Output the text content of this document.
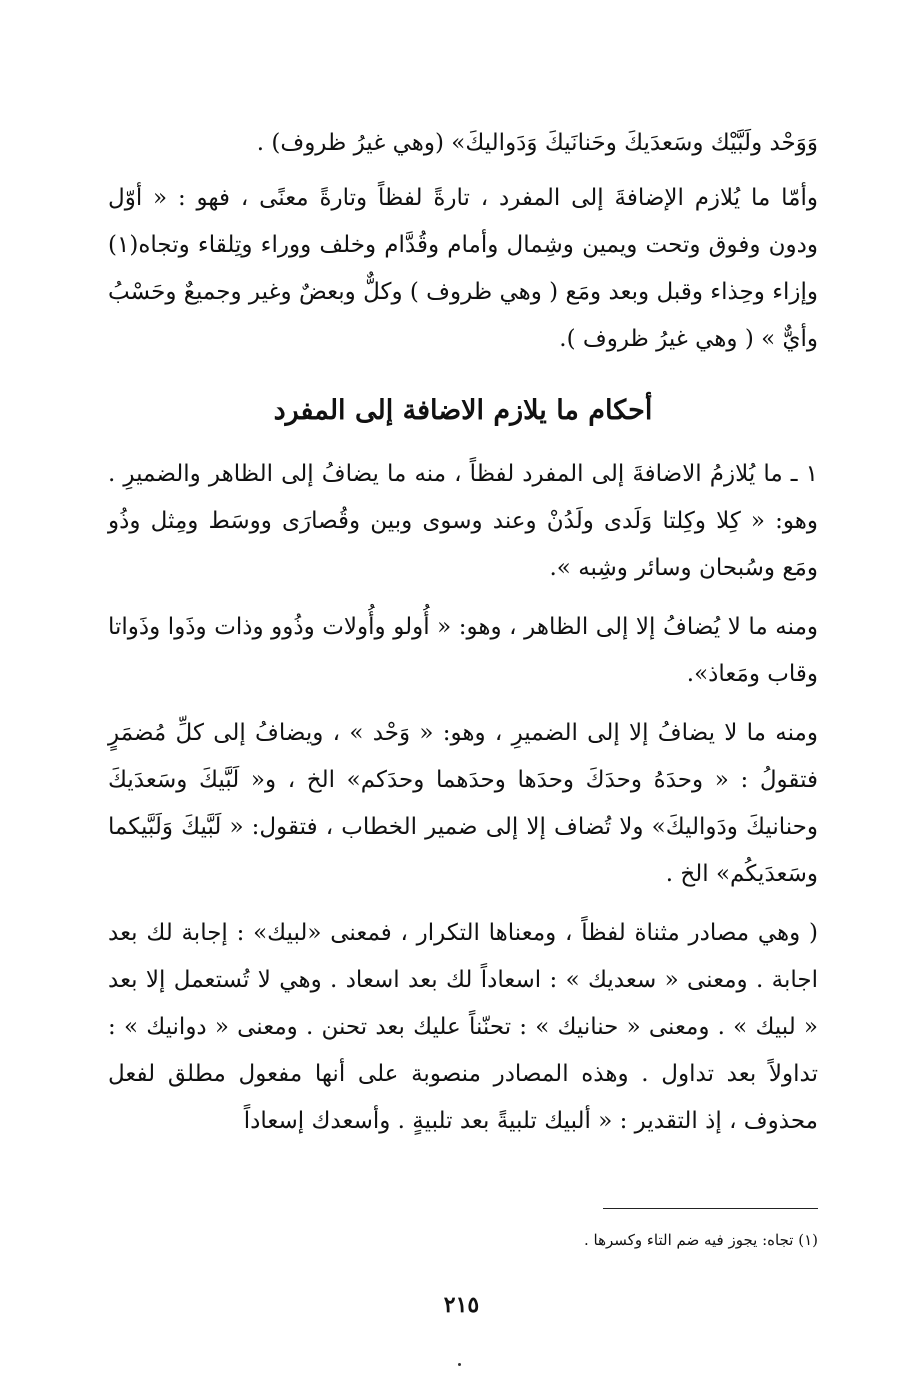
وَوَحْد ولَبَّيْك وسَعدَيكَ وحَنانَيكَ وَدَواليكَ» (وهي غيرُ ظروف) .

وأمّا ما يُلازم الإضافةَ إلى المفرد ، تارةً لفظاً وتارةً معنًى ، فهو : « أوّل ودون وفوق وتحت ويمين وشِمال وأمام وقُدَّام وخلف ووراء وتِلقاء وتجاه(١) وإزاء وحِذاء وقبل وبعد ومَع ( وهي ظروف ) وكلٌّ وبعضٌ وغير وجميعٌ وحَسْبُ وأيٌّ » ( وهي غيرُ ظروف ).

أحكام ما يلازم الاضافة إلى المفرد

١ ـ ما يُلازمُ الاضافةَ إلى المفرد لفظاً ، منه ما يضافُ إلى الظاهر والضميرِ . وهو: « كِلا وكِلتا وَلَدى ولَدُنْ وعند وسوى وبين وقُصارَى ووسَط ومِثل وذُو ومَع وسُبحان وسائر وشِبه ».

ومنه ما لا يُضافُ إلا إلى الظاهر ، وهو: « أُولو وأُولات وذُوو وذات وذَوا وذَواتا وقاب ومَعاذ».

ومنه ما لا يضافُ إلا إلى الضميرِ ، وهو: « وَحْد » ، ويضافُ إلى كلِّ مُضمَرٍ فتقولُ : « وحدَهُ وحدَكَ وحدَها وحدَهما وحدَكم» الخ ، و« لَبَّيكَ وسَعدَيكَ وحنانيكَ ودَواليكَ» ولا تُضاف إلا إلى ضمير الخطاب ، فتقول: « لَبَّيكَ وَلَبَّيكما وسَعدَيكُم» الخ .

( وهي مصادر مثناة لفظاً ، ومعناها التكرار ، فمعنى «لبيك» : إجابة لك بعد اجابة . ومعنى « سعديك » : اسعاداً لك بعد اسعاد . وهي لا تُستعمل إلا بعد « لبيك » . ومعنى « حنانيك » : تحنّناً عليك بعد تحنن . ومعنى « دوانيك » : تداولاً بعد تداول . وهذه المصادر منصوبة على أنها مفعول مطلق لفعل محذوف ، إذ التقدير : « ألبيك تلبيةً بعد تلبيةٍ . وأسعدك إسعاداً

(١) تجاه: يجوز فيه ضم التاء وكسرها .
٢١٥
